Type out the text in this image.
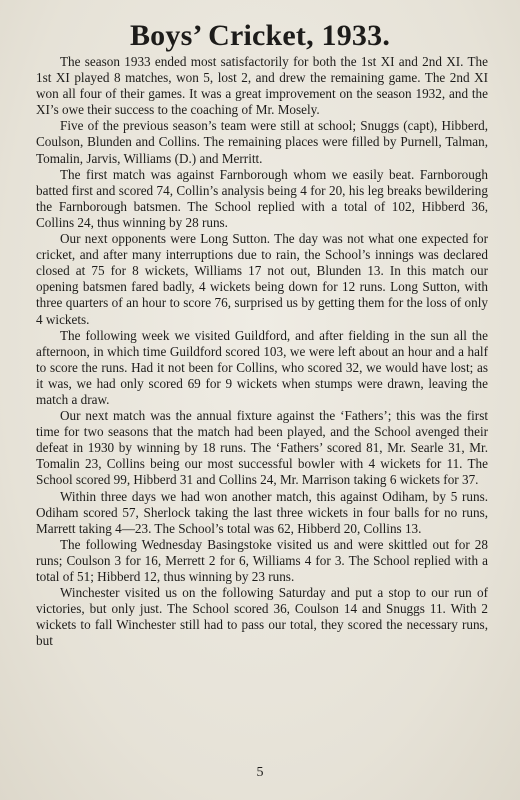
Boys’ Cricket, 1933.

The season 1933 ended most satisfactorily for both the 1st XI and 2nd XI. The 1st XI played 8 matches, won 5, lost 2, and drew the remaining game. The 2nd XI won all four of their games. It was a great improvement on the season 1932, and the XI’s owe their success to the coaching of Mr. Mosely.

Five of the previous season’s team were still at school; Snuggs (capt), Hibberd, Coulson, Blunden and Collins. The remaining places were filled by Purnell, Talman, Tomalin, Jarvis, Williams (D.) and Merritt.

The first match was against Farnborough whom we easily beat. Farnborough batted first and scored 74, Collin’s analysis being 4 for 20, his leg breaks bewildering the Farnborough batsmen. The School replied with a total of 102, Hibberd 36, Collins 24, thus winning by 28 runs.

Our next opponents were Long Sutton. The day was not what one expected for cricket, and after many interruptions due to rain, the School’s innings was declared closed at 75 for 8 wickets, Williams 17 not out, Blunden 13. In this match our opening batsmen fared badly, 4 wickets being down for 12 runs. Long Sutton, with three quarters of an hour to score 76, surprised us by getting them for the loss of only 4 wickets.

The following week we visited Guildford, and after fielding in the sun all the afternoon, in which time Guildford scored 103, we were left about an hour and a half to score the runs. Had it not been for Collins, who scored 32, we would have lost; as it was, we had only scored 69 for 9 wickets when stumps were drawn, leaving the match a draw.

Our next match was the annual fixture against the ‘Fathers’; this was the first time for two seasons that the match had been played, and the School avenged their defeat in 1930 by winning by 18 runs. The ‘Fathers’ scored 81, Mr. Searle 31, Mr. Tomalin 23, Collins being our most successful bowler with 4 wickets for 11. The School scored 99, Hibberd 31 and Collins 24, Mr. Marrison taking 6 wickets for 37.

Within three days we had won another match, this against Odiham, by 5 runs. Odiham scored 57, Sherlock taking the last three wickets in four balls for no runs, Marrett taking 4—23. The School’s total was 62, Hibberd 20, Collins 13.

The following Wednesday Basingstoke visited us and were skittled out for 28 runs; Coulson 3 for 16, Merrett 2 for 6, Williams 4 for 3. The School replied with a total of 51; Hibberd 12, thus winning by 23 runs.

Winchester visited us on the following Saturday and put a stop to our run of victories, but only just. The School scored 36, Coulson 14 and Snuggs 11. With 2 wickets to fall Winchester still had to pass our total, they scored the necessary runs, but

5
